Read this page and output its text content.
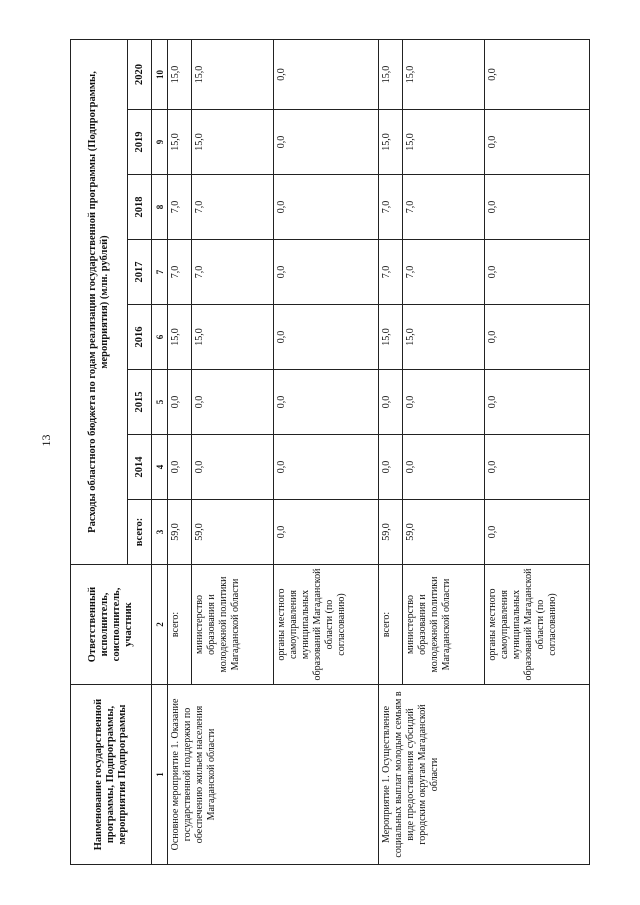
13
Наименование государственной программы, Подпрограммы, мероприятия Подпрограммы	Ответственный исполнитель, соисполнитель, участник	Расходы областного бюджета по годам реализации государственной программы (Подпрограммы, мероприятия) (млн. рублей)							
		всего:	2014	2015	2016	2017	2018	2019	2020
1	2	3	4	5	6	7	8	9	10
Основное мероприятие 1. Оказание государственной поддержки по обеспечению жильем населения Магаданской области	всего:	59,0	0,0	0,0	15,0	7,0	7,0	15,0	15,0
	министерство образования и молодежной политики Магаданской области	59,0	0,0	0,0	15,0	7,0	7,0	15,0	15,0
	органы местного самоуправления муниципальных образований Магаданской области (по согласованию)	0,0	0,0	0,0	0,0	0,0	0,0	0,0	0,0
Мероприятие 1. Осуществление социальных выплат молодым семьям в виде предоставления субсидий городским округам Магаданской области	всего:	59,0	0,0	0,0	15,0	7,0	7,0	15,0	15,0
	министерство образования и молодежной политики Магаданской области	59,0	0,0	0,0	15,0	7,0	7,0	15,0	15,0
	органы местного самоуправления муниципальных образований Магаданской области (по согласованию)	0,0	0,0	0,0	0,0	0,0	0,0	0,0	0,0
